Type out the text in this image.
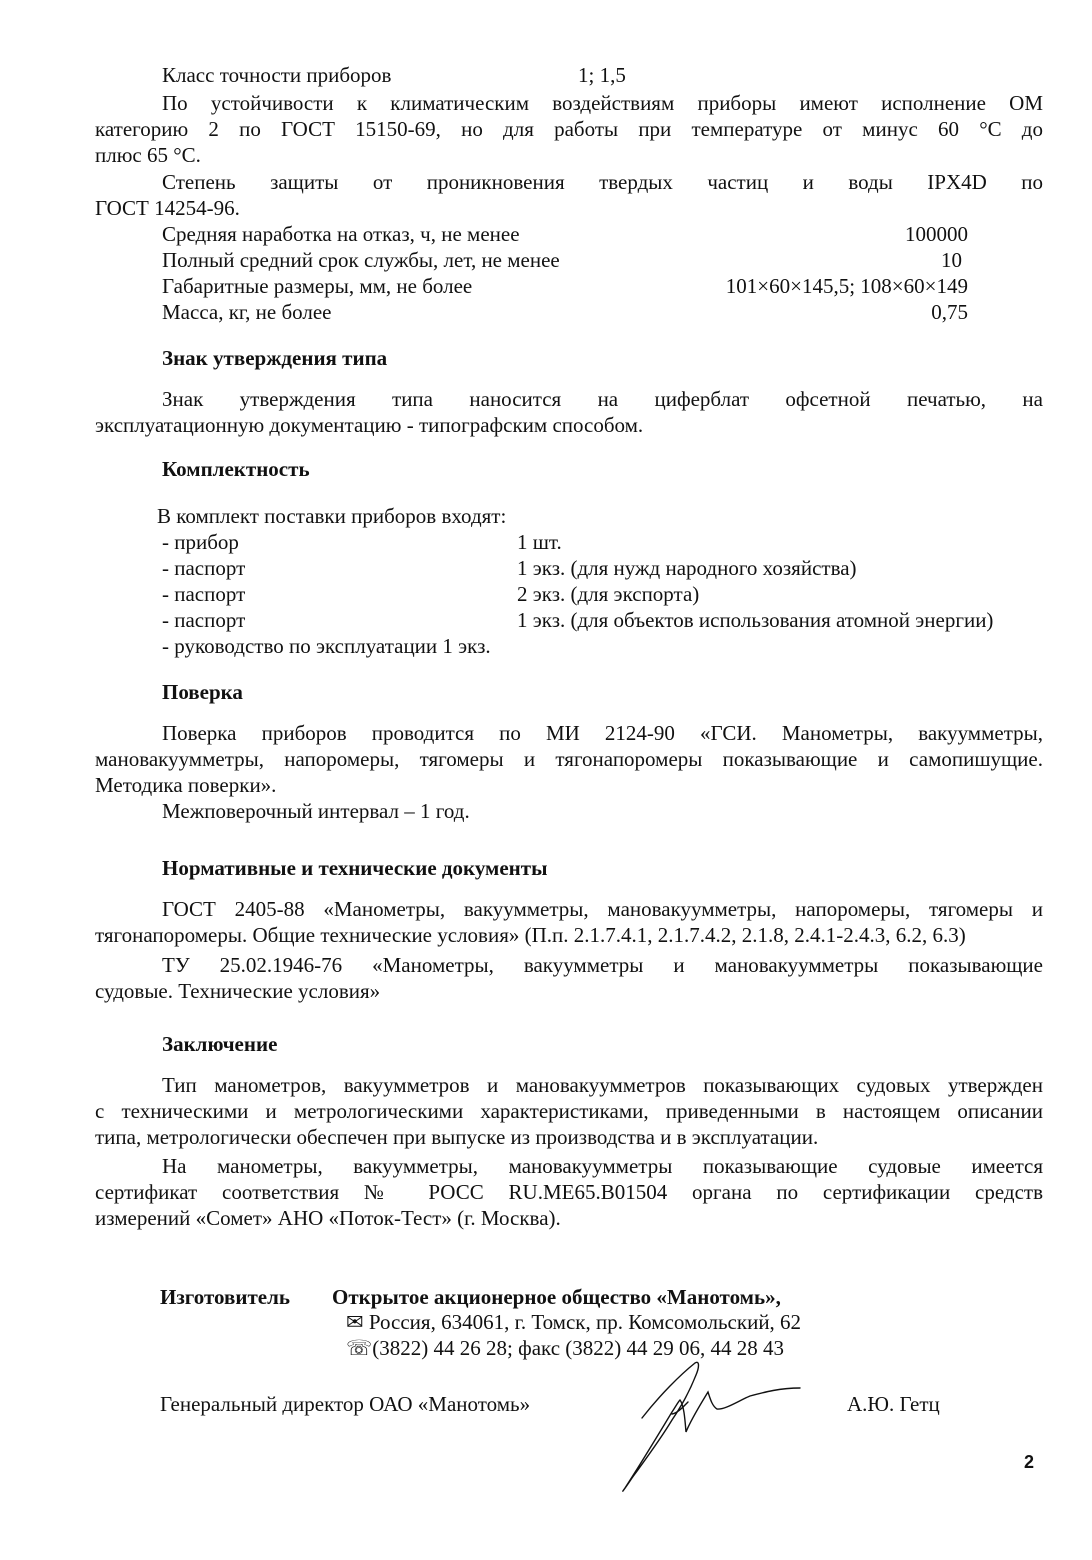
Класс точности приборов	1; 1,5
По устойчивости к климатическим воздействиям приборы имеют исполнение ОМ
категорию 2 по ГОСТ 15150-69, но для работы при температуре от минус 60 °С до
плюс 65 °С.
Степень защиты от проникновения твердых частиц и воды IPX4D по
ГОСТ 14254-96.
Средняя наработка на отказ, ч, не менее	100000
Полный средний срок службы, лет, не менее	10
Габаритные размеры, мм, не более	101×60×145,5; 108×60×149
Масса, кг, не более	0,75
Знак утверждения типа
Знак утверждения типа наносится на циферблат офсетной печатью, на
эксплуатационную документацию - типографским способом.
Комплектность
В комплект поставки приборов входят:
- прибор	1 шт.
- паспорт	1 экз. (для нужд народного хозяйства)
- паспорт	2 экз. (для экспорта)
- паспорт	1 экз. (для объектов использования атомной энергии)
- руководство по эксплуатации 1 экз.
Поверка
Поверка приборов проводится по МИ 2124-90 «ГСИ. Манометры, вакуумметры,
мановакуумметры, напоромеры, тягомеры и тягонапоромеры показывающие и самопишущие.
Методика поверки».
Межповерочный интервал – 1 год.
Нормативные и технические документы
ГОСТ 2405-88 «Манометры, вакуумметры, мановакуумметры, напоромеры, тягомеры и
тягонапоромеры. Общие технические условия» (П.п. 2.1.7.4.1, 2.1.7.4.2, 2.1.8, 2.4.1-2.4.3, 6.2, 6.3)
ТУ 25.02.1946-76 «Манометры, вакуумметры и мановакуумметры показывающие
судовые. Технические условия»
Заключение
Тип манометров, вакуумметров и мановакуумметров показывающих судовых утвержден
с техническими и метрологическими характеристиками, приведенными в настоящем описании
типа, метрологически обеспечен при выпуске из производства и в эксплуатации.
На манометры, вакуумметры, мановакуумметры показывающие судовые имеется
сертификат соответствия № РОСС RU.МЕ65.В01504 органа по сертификации средств
измерений «Сомет» АНО «Поток-Тест» (г. Москва).
Изготовитель Открытое акционерное общество «Манотомь»,
✉ Россия, 634061, г. Томск, пр. Комсомольский, 62
☏(3822) 44 26 28; факс (3822) 44 29 06, 44 28 43
Генеральный директор ОАО «Манотомь»	А.Ю. Гетц
2
